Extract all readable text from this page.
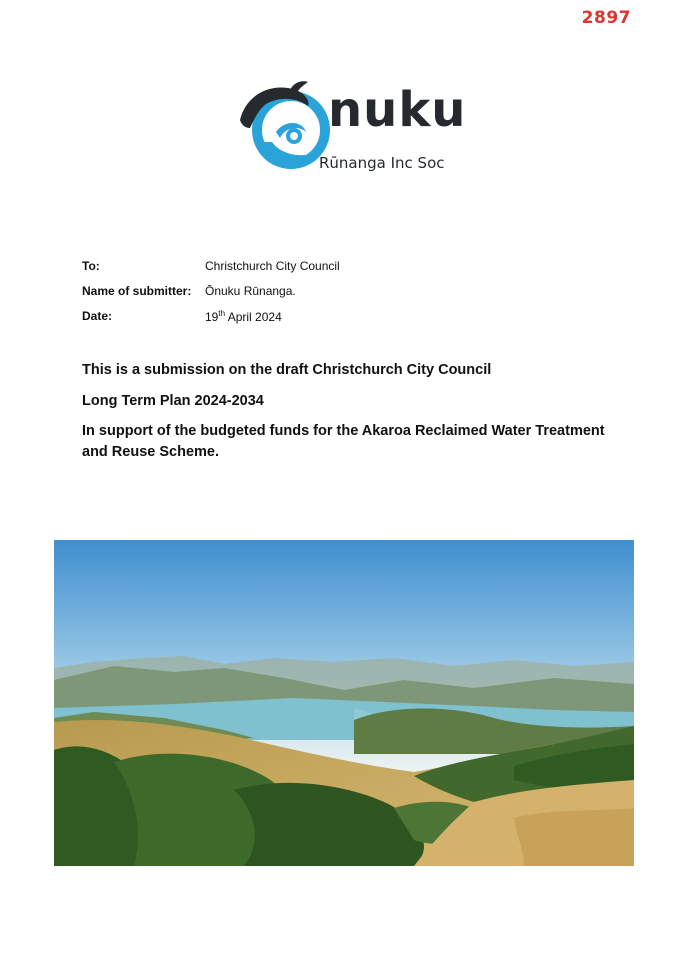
2897
nuku
Rūnanga Inc Soc
To:	Christchurch City Council
Name of submitter: Ōnuku Rūnanga.
Date:	19th April 2024
This is a submission on the draft Christchurch City Council
Long Term Plan 2024-2034
In support of the budgeted funds for the Akaroa Reclaimed Water Treatment and Reuse Scheme.
